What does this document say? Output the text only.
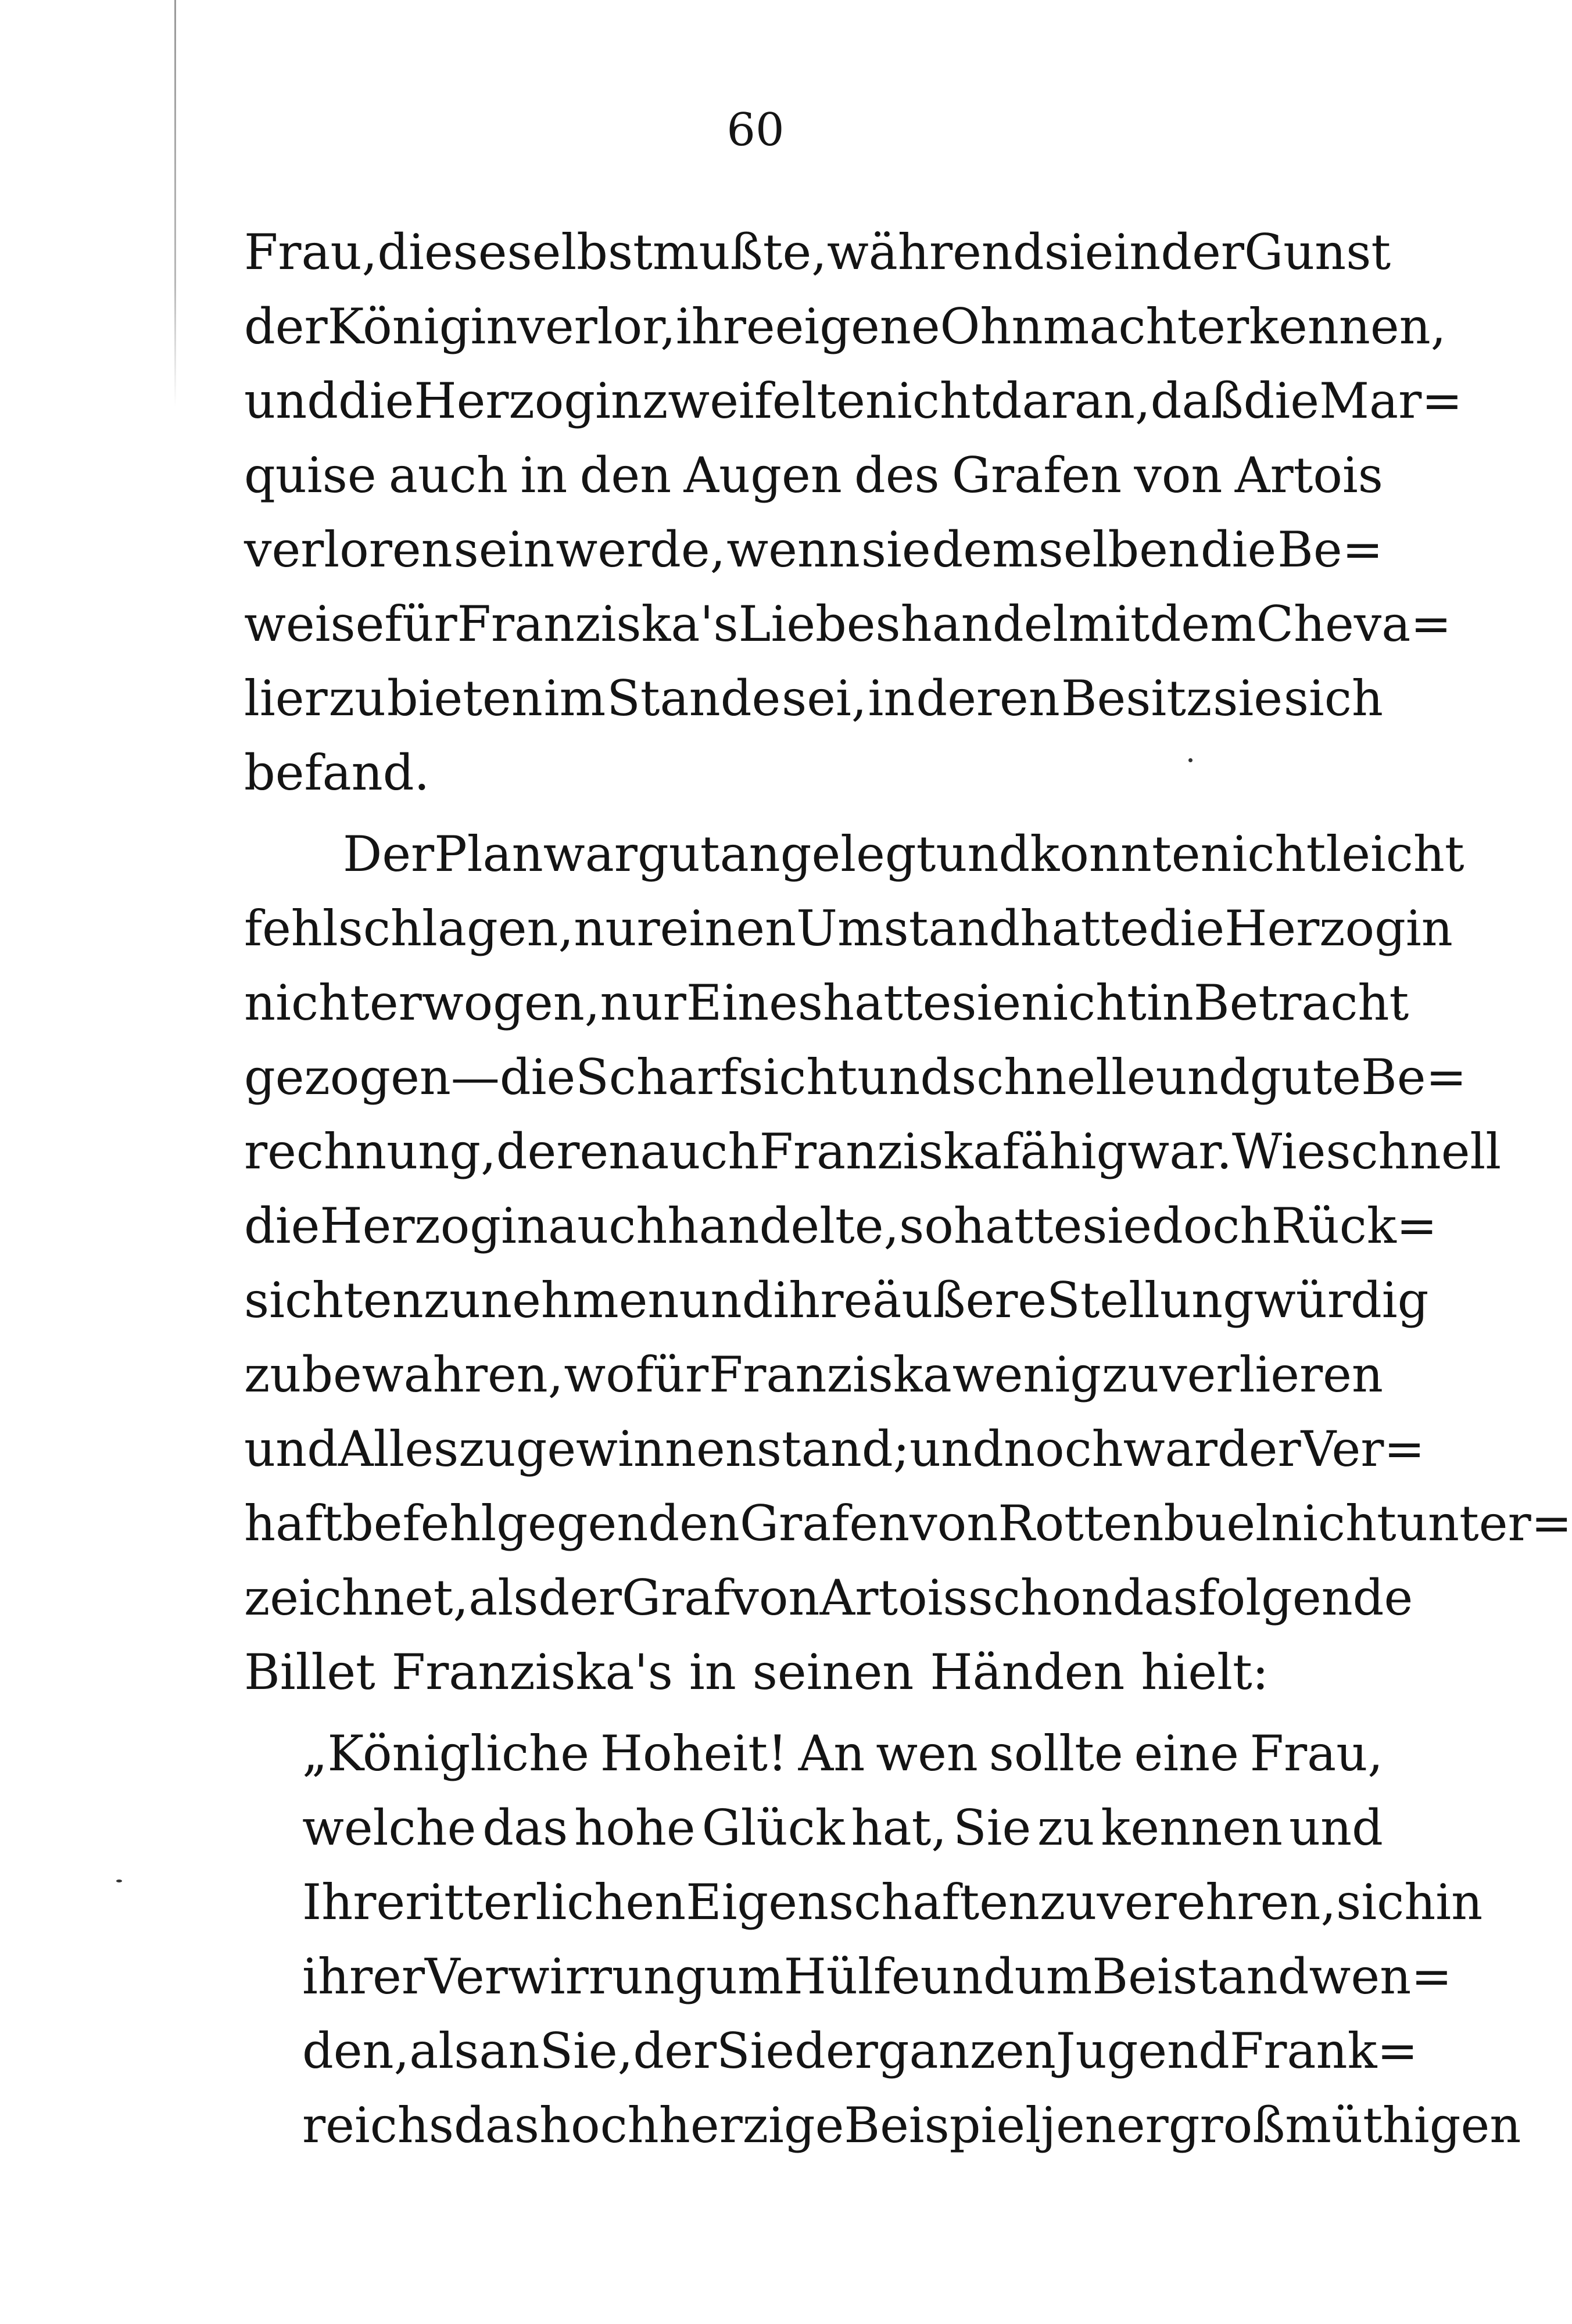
60
Frau, diese selbst mußte, während sie in der Gunst
der Königin verlor, ihre eigene Ohnmacht erkennen,
und die Herzogin zweifelte nicht daran, daß die Mar=
quise auch in den Augen des Grafen von Artois
verloren sein werde, wenn sie demselben die Be=
weise für Franziska's Liebeshandel mit dem Cheva=
lier zu bieten im Stande sei, in deren Besitz sie sich
befand.
Der Plan war gut angelegt und konnte nicht leicht
fehlschlagen, nur einen Umstand hatte die Herzogin
nicht erwogen, nur Eines hatte sie nicht in Betracht
gezogen — die Scharfsicht und schnelle und gute Be=
rechnung, deren auch Franziska fähig war. Wie schnell
die Herzogin auch handelte, so hatte sie doch Rück=
sichten zu nehmen und ihre äußere Stellung würdig
zu bewahren, wo für Franziska wenig zu verlieren
und Alles zu gewinnen stand; und noch war der Ver=
haftbefehl gegen den Grafen von Rottenbuel nicht unter=
zeichnet, als der Graf von Artois schon das folgende
Billet Franziska's in seinen Händen hielt:
„Königliche Hoheit! An wen sollte eine Frau,
welche das hohe Glück hat, Sie zu kennen und
Ihre ritterlichen Eigenschaften zu verehren, sich in
ihrer Verwirrung um Hülfe und um Beistand wen=
den, als an Sie, der Sie der ganzen Jugend Frank=
reichs das hochherzige Beispiel jener großmüthigen
